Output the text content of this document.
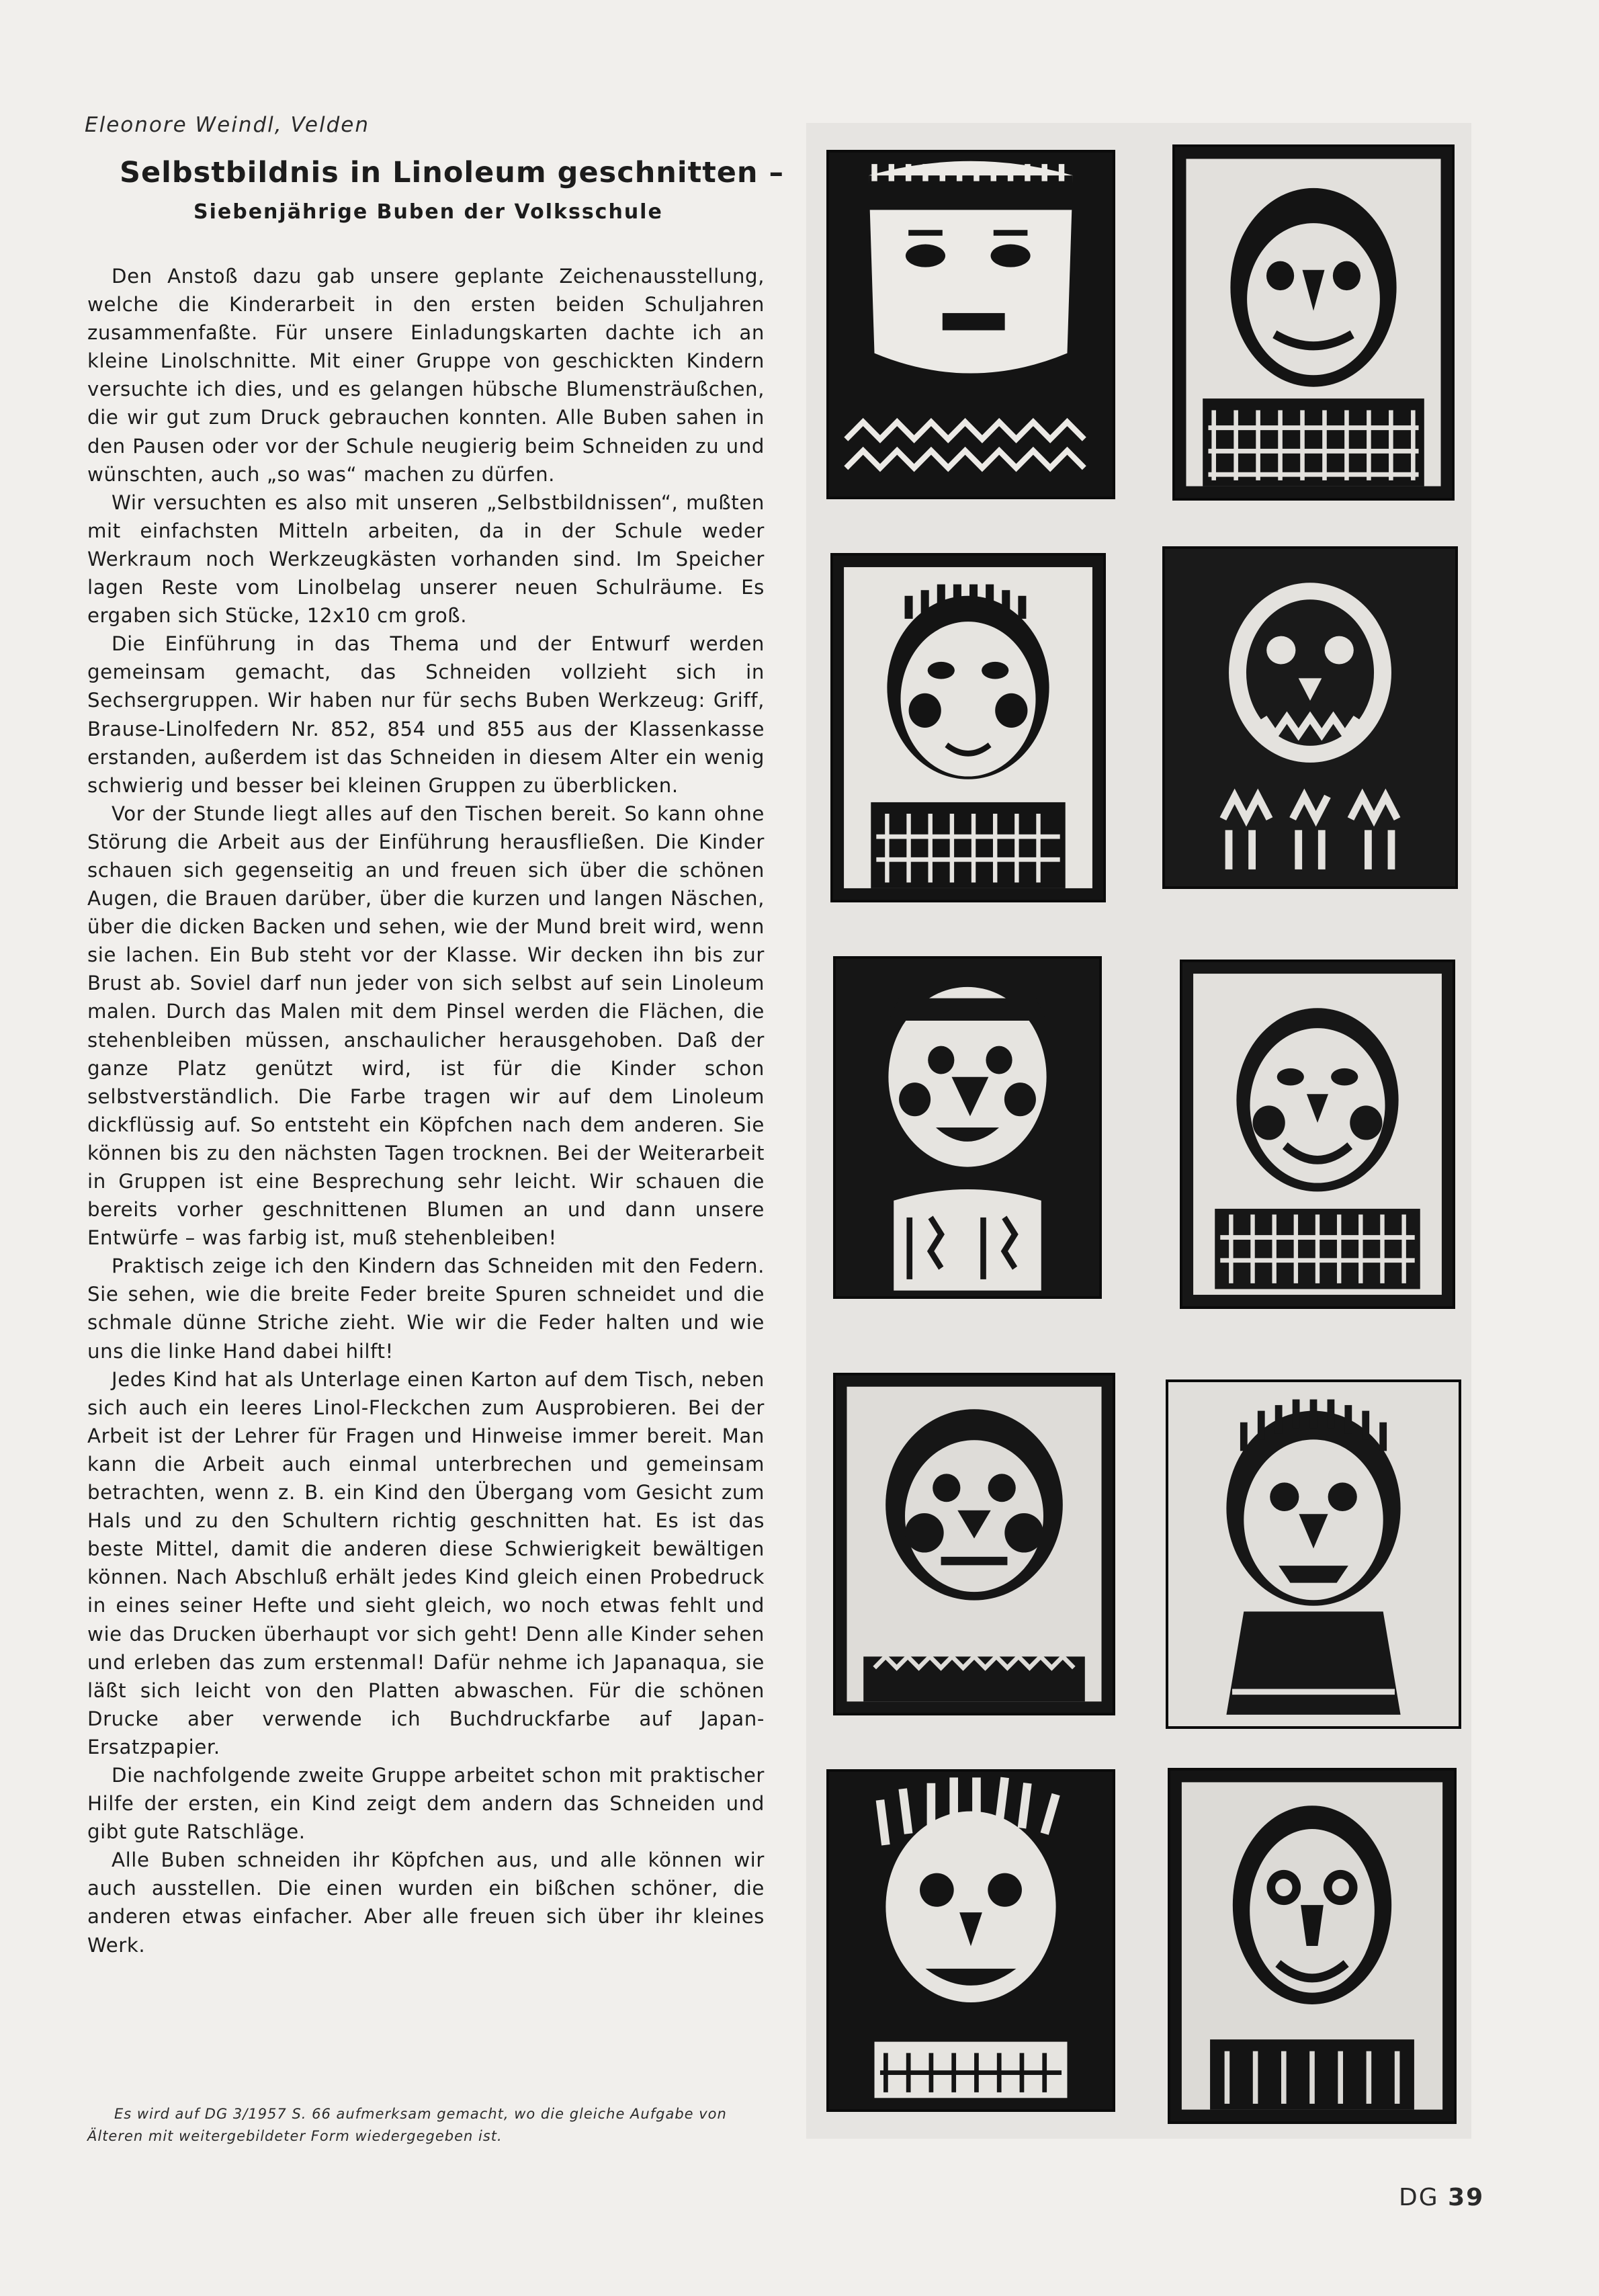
Eleonore Weindl, Velden
Selbstbildnis in Linoleum geschnitten –
Siebenjährige Buben der Volksschule

Den Anstoß dazu gab unsere geplante Zeichenausstellung, welche die Kinderarbeit in den ersten beiden Schuljahren zusammenfaßte. Für unsere Einladungskarten dachte ich an kleine Linolschnitte. Mit einer Gruppe von geschickten Kindern versuchte ich dies, und es gelangen hübsche Blumensträußchen, die wir gut zum Druck gebrauchen konnten. Alle Buben sahen in den Pausen oder vor der Schule neugierig beim Schneiden zu und wünschten, auch „so was“ machen zu dürfen.

Wir versuchten es also mit unseren „Selbstbildnissen“, mußten mit einfachsten Mitteln arbeiten, da in der Schule weder Werkraum noch Werkzeugkästen vorhanden sind. Im Speicher lagen Reste vom Linolbelag unserer neuen Schulräume. Es ergaben sich Stücke, 12x10 cm groß.

Die Einführung in das Thema und der Entwurf werden gemeinsam gemacht, das Schneiden vollzieht sich in Sechsergruppen. Wir haben nur für sechs Buben Werkzeug: Griff, Brause-Linolfedern Nr. 852, 854 und 855 aus der Klassenkasse erstanden, außerdem ist das Schneiden in diesem Alter ein wenig schwierig und besser bei kleinen Gruppen zu überblicken.

Vor der Stunde liegt alles auf den Tischen bereit. So kann ohne Störung die Arbeit aus der Einführung herausfließen. Die Kinder schauen sich gegenseitig an und freuen sich über die schönen Augen, die Brauen darüber, über die kurzen und langen Näschen, über die dicken Backen und sehen, wie der Mund breit wird, wenn sie lachen. Ein Bub steht vor der Klasse. Wir decken ihn bis zur Brust ab. Soviel darf nun jeder von sich selbst auf sein Linoleum malen. Durch das Malen mit dem Pinsel werden die Flächen, die stehenbleiben müssen, anschaulicher herausgehoben. Daß der ganze Platz genützt wird, ist für die Kinder schon selbstverständlich. Die Farbe tragen wir auf dem Linoleum dickflüssig auf. So entsteht ein Köpfchen nach dem anderen. Sie können bis zu den nächsten Tagen trocknen. Bei der Weiterarbeit in Gruppen ist eine Besprechung sehr leicht. Wir schauen die bereits vorher geschnittenen Blumen an und dann unsere Entwürfe – was farbig ist, muß stehenbleiben!

Praktisch zeige ich den Kindern das Schneiden mit den Federn. Sie sehen, wie die breite Feder breite Spuren schneidet und die schmale dünne Striche zieht. Wie wir die Feder halten und wie uns die linke Hand dabei hilft!

Jedes Kind hat als Unterlage einen Karton auf dem Tisch, neben sich auch ein leeres Linol-Fleckchen zum Ausprobieren. Bei der Arbeit ist der Lehrer für Fragen und Hinweise immer bereit. Man kann die Arbeit auch einmal unterbrechen und gemeinsam betrachten, wenn z. B. ein Kind den Übergang vom Gesicht zum Hals und zu den Schultern richtig geschnitten hat. Es ist das beste Mittel, damit die anderen diese Schwierigkeit bewältigen können. Nach Abschluß erhält jedes Kind gleich einen Probedruck in eines seiner Hefte und sieht gleich, wo noch etwas fehlt und wie das Drucken überhaupt vor sich geht! Denn alle Kinder sehen und erleben das zum erstenmal! Dafür nehme ich Japanaqua, sie läßt sich leicht von den Platten abwaschen. Für die schönen Drucke aber verwende ich Buchdruckfarbe auf Japan-Ersatzpapier.

Die nachfolgende zweite Gruppe arbeitet schon mit praktischer Hilfe der ersten, ein Kind zeigt dem andern das Schneiden und gibt gute Ratschläge.

Alle Buben schneiden ihr Köpfchen aus, und alle können wir auch ausstellen. Die einen wurden ein bißchen schöner, die anderen etwas einfacher. Aber alle freuen sich über ihr kleines Werk.

Es wird auf DG 3/1957 S. 66 aufmerksam gemacht, wo die gleiche Aufgabe von Älteren mit weitergebildeter Form wiedergegeben ist.
DG 39
